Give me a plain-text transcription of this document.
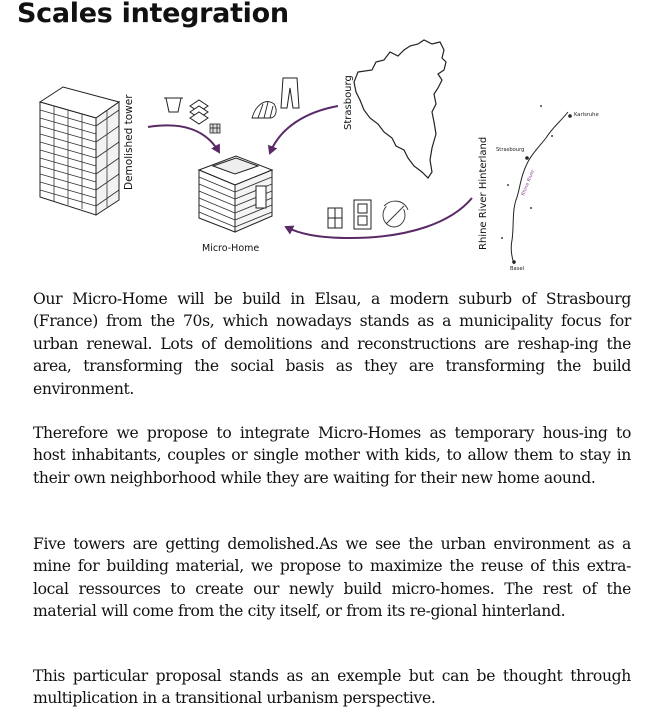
Scales integration
Demolished tower
Micro-Home
Strasbourg	Karlsruhe
Strasbourg
Basel
Rhine River
Rhine River Hinterland

Our Micro-Home will be build in Elsau, a modern suburb of Strasbourg (France) from the 70s, which nowadays stands as a municipality focus for urban renewal. Lots of demolitions and reconstructions are reshap-ing the area, transforming the social basis as they are transforming the build environment.

Therefore we propose to integrate Micro-Homes as temporary hous-ing to host inhabitants, couples or single mother with kids, to allow them to stay in their own neighborhood while they are waiting for their new home aound.

Five towers are getting demolished.As we see the urban environment as a mine for building material, we propose to maximize the reuse of this extra-local ressources to create our newly build micro-homes. The rest of the material will come from the city itself, or from its re-gional hinterland.

This particular proposal stands as an exemple but can be thought through multiplication in a transitional urbanism perspective.
